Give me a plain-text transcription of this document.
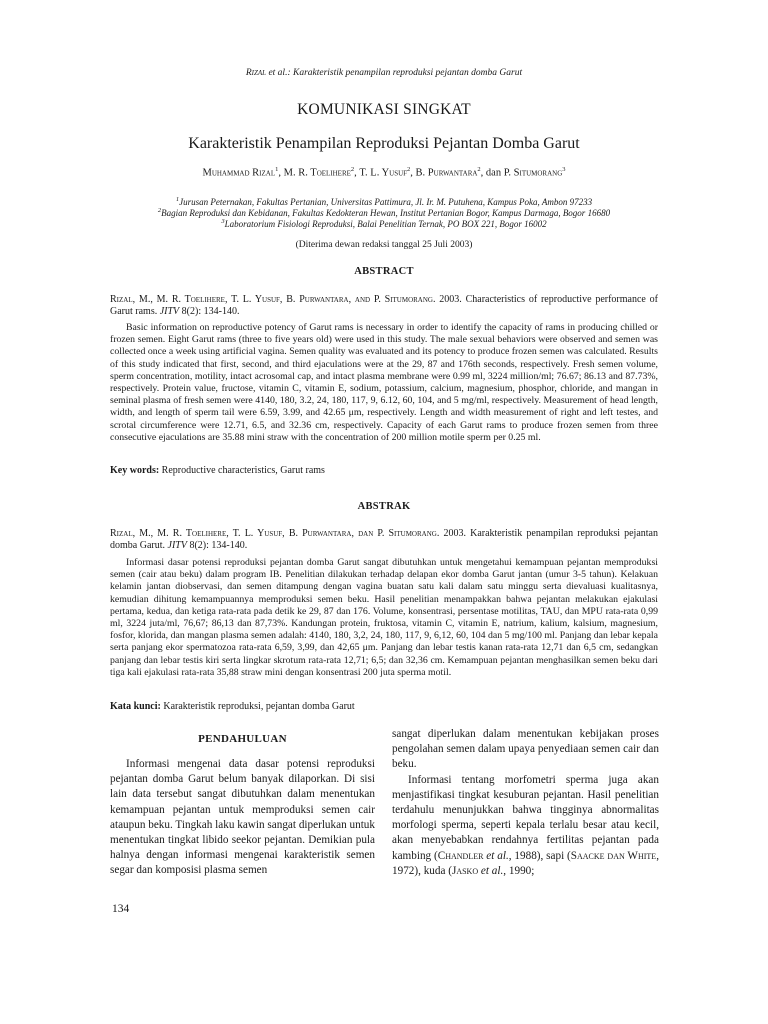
Rizal et al.: Karakteristik penampilan reproduksi pejantan domba Garut
KOMUNIKASI SINGKAT
Karakteristik Penampilan Reproduksi Pejantan Domba Garut
Muhammad Rizal$^1$, M. R. Toelihere$^2$, T. L. Yusuf$^2$, B. Purwantara$^2$, dan P. Situmorang$^3$
$^1$Jurusan Peternakan, Fakultas Pertanian, Universitas Pattimura, Jl. Ir. M. Putuhena, Kampus Poka, Ambon 97233
$^2$Bagian Reproduksi dan Kebidanan, Fakultas Kedokteran Hewan, Institut Pertanian Bogor, Kampus Darmaga, Bogor 16680
$^3$Laboratorium Fisiologi Reproduksi, Balai Penelitian Ternak, PO BOX 221, Bogor 16002
(Diterima dewan redaksi tanggal 25 Juli 2003)
ABSTRACT
Rizal, M., M. R. Toelihere, T. L. Yusuf, B. Purwantara, and P. Situmorang. 2003. Characteristics of reproductive performance of Garut rams. JITV 8(2): 134-140.
Basic information on reproductive potency of Garut rams is necessary in order to identify the capacity of rams in producing chilled or frozen semen. Eight Garut rams (three to five years old) were used in this study. The male sexual behaviors were observed and semen was collected once a week using artificial vagina. Semen quality was evaluated and its potency to produce frozen semen was calculated. Results of this study indicated that first, second, and third ejaculations were at the 29, 87 and 176th seconds, respectively. Fresh semen volume, sperm concentration, motility, intact acrosomal cap, and intact plasma membrane were 0.99 ml, 3224 million/ml; 76.67; 86.13 and 87.73%, respectively. Protein value, fructose, vitamin C, vitamin E, sodium, potassium, calcium, magnesium, phosphor, chloride, and mangan in seminal plasma of fresh semen were 4140, 180, 3.2, 24, 180, 117, 9, 6.12, 60, 104, and 5 mg/ml, respectively. Measurement of head length, width, and length of sperm tail were 6.59, 3.99, and 42.65 μm, respectively. Length and width measurement of right and left testes, and scrotal circumference were 12.71, 6.5, and 32.36 cm, respectively. Capacity of each Garut rams to produce frozen semen from three consecutive ejaculations are 35.88 mini straw with the concentration of 200 million motile sperm per 0.25 ml.
Key words: Reproductive characteristics, Garut rams
ABSTRAK
Rizal, M., M. R. Toelihere, T. L. Yusuf, B. Purwantara, dan P. Situmorang. 2003. Karakteristik penampilan reproduksi pejantan domba Garut. JITV 8(2): 134-140.
Informasi dasar potensi reproduksi pejantan domba Garut sangat dibutuhkan untuk mengetahui kemampuan pejantan memproduksi semen (cair atau beku) dalam program IB. Penelitian dilakukan terhadap delapan ekor domba Garut jantan (umur 3-5 tahun). Kelakuan kelamin jantan diobservasi, dan semen ditampung dengan vagina buatan satu kali dalam satu minggu serta dievaluasi kualitasnya, kemudian dihitung kemampuannya memproduksi semen beku. Hasil penelitian menampakkan bahwa pejantan melakukan ejakulasi pertama, kedua, dan ketiga rata-rata pada detik ke 29, 87 dan 176. Volume, konsentrasi, persentase motilitas, TAU, dan MPU rata-rata 0,99 ml, 3224 juta/ml, 76,67; 86,13 dan 87,73%. Kandungan protein, fruktosa, vitamin C, vitamin E, natrium, kalium, kalsium, magnesium, fosfor, klorida, dan mangan plasma semen adalah: 4140, 180, 3,2, 24, 180, 117, 9, 6,12, 60, 104 dan 5 mg/100 ml. Panjang dan lebar kepala serta panjang ekor spermatozoa rata-rata 6,59, 3,99, dan 42,65 μm. Panjang dan lebar testis kanan rata-rata 12,71 dan 6,5 cm, sedangkan panjang dan lebar testis kiri serta lingkar skrotum rata-rata 12,71; 6,5; dan 32,36 cm. Kemampuan pejantan menghasilkan semen beku dari tiga kali ejakulasi rata-rata 35,88 straw mini dengan konsentrasi 200 juta sperma motil.
Kata kunci: Karakteristik reproduksi, pejantan domba Garut
PENDAHULUAN

Informasi mengenai data dasar potensi reproduksi pejantan domba Garut belum banyak dilaporkan. Di sisi lain data tersebut sangat dibutuhkan dalam menentukan kemampuan pejantan untuk memproduksi semen cair ataupun beku. Tingkah laku kawin sangat diperlukan untuk menentukan tingkat libido seekor pejantan. Demikian pula halnya dengan informasi mengenai karakteristik semen segar dan komposisi plasma semen

sangat diperlukan dalam menentukan kebijakan proses pengolahan semen dalam upaya penyediaan semen cair dan beku.

Informasi tentang morfometri sperma juga akan menjastifikasi tingkat kesuburan pejantan. Hasil penelitian terdahulu menunjukkan bahwa tingginya abnormalitas morfologi sperma, seperti kepala terlalu besar atau kecil, akan menyebabkan rendahnya fertilitas pejantan pada kambing (Chandler et al., 1988), sapi (Saacke dan White, 1972), kuda (Jasko et al., 1990;

134
